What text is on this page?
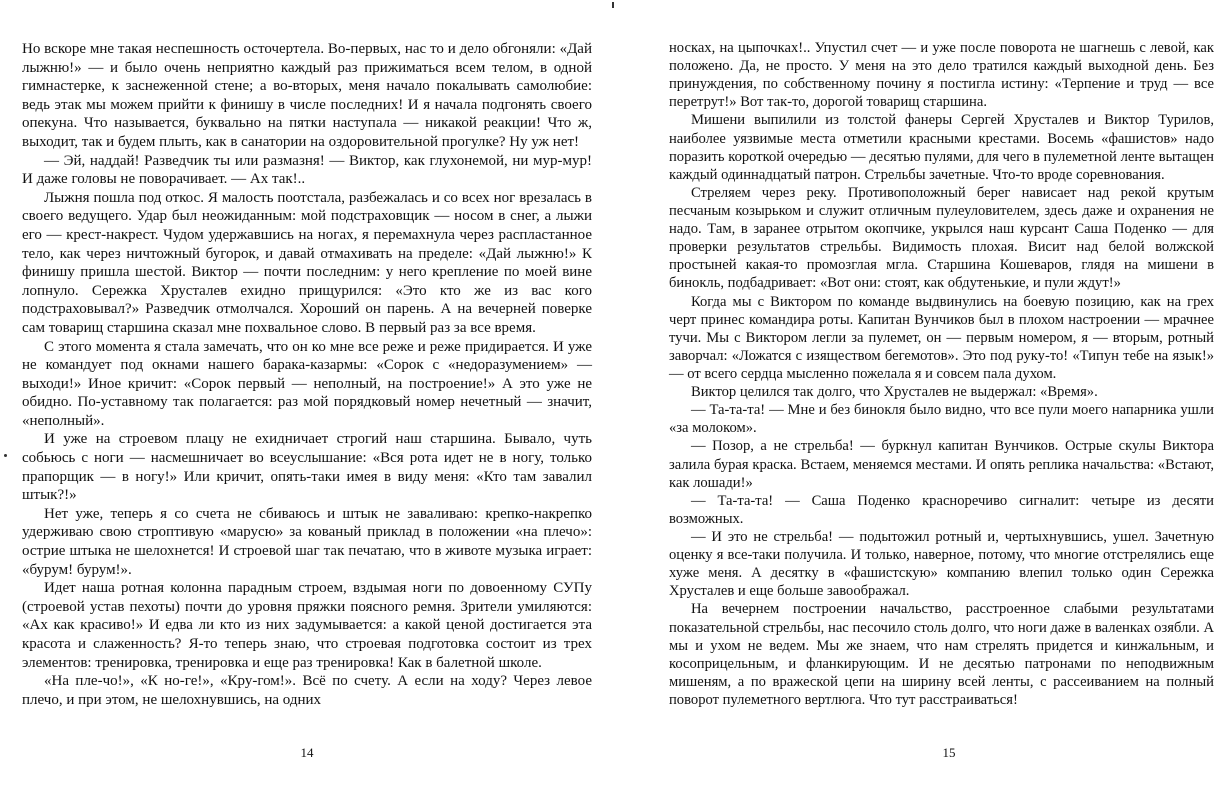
Но вскоре мне такая неспешность осточертела. Во-первых, нас то и дело обгоняли: «Дай лыжню!» — и было очень неприятно каждый раз прижиматься всем телом, в одной гимнастерке, к заснеженной стене; а во-вторых, меня начало покалывать самолюбие: ведь этак мы можем прийти к финишу в числе последних! И я начала подгонять своего опекуна. Что называется, буквально на пятки наступала — никакой реакции! Что ж, выходит, так и будем плыть, как в санатории на оздоровительной прогулке? Ну уж нет!

— Эй, наддай! Разведчик ты или размазня! — Виктор, как глухонемой, ни мур-мур! И даже головы не поворачивает. — Ах так!..

Лыжня пошла под откос. Я малость поотстала, разбежалась и со всех ног врезалась в своего ведущего. Удар был неожиданным: мой подстраховщик — носом в снег, а лыжи его — крест-накрест. Чудом удержавшись на ногах, я перемахнула через распластанное тело, как через ничтожный бугорок, и давай отмахивать на пределе: «Дай лыжню!» К финишу пришла шестой. Виктор — почти последним: у него крепление по моей вине лопнуло. Сережка Хрусталев ехидно прищурился: «Это кто же из вас кого подстраховывал?» Разведчик отмолчался. Хороший он парень. А на вечерней поверке сам товарищ старшина сказал мне похвальное слово. В первый раз за все время.

С этого момента я стала замечать, что он ко мне все реже и реже придирается. И уже не командует под окнами нашего барака-казармы: «Сорок с «недоразумением» — выходи!» Иное кричит: «Сорок первый — неполный, на построение!» А это уже не обидно. По-уставному так полагается: раз мой порядковый номер нечетный — значит, «неполный».

И уже на строевом плацу не ехидничает строгий наш старшина. Бывало, чуть собьюсь с ноги — насмешничает во всеуслышание: «Вся рота идет не в ногу, только прапорщик — в ногу!» Или кричит, опять-таки имея в виду меня: «Кто там завалил штык?!»

Нет уже, теперь я со счета не сбиваюсь и штык не заваливаю: крепко-накрепко удерживаю свою строптивую «марусю» за кованый приклад в положении «на плечо»: острие штыка не шелохнется! И строевой шаг так печатаю, что в животе музыка играет: «бурум! бурум!».

Идет наша ротная колонна парадным строем, вздымая ноги по довоенному СУПу (строевой устав пехоты) почти до уровня пряжки поясного ремня. Зрители умиляются: «Ах как красиво!» И едва ли кто из них задумывается: а какой ценой достигается эта красота и слаженность? Я-то теперь знаю, что строевая подготовка состоит из трех элементов: тренировка, тренировка и еще раз тренировка! Как в балетной школе.

«На пле-чо!», «К но-ге!», «Кру-гом!». Всё по счету. А если на ходу? Через левое плечо, и при этом, не шелохнувшись, на одних

14

носках, на цыпочках!.. Упустил счет — и уже после поворота не шагнешь с левой, как положено. Да, не просто. У меня на это дело тратился каждый выходной день. Без принуждения, по собственному почину я постигла истину: «Терпение и труд — все перетрут!» Вот так-то, дорогой товарищ старшина.

Мишени выпилили из толстой фанеры Сергей Хрусталев и Виктор Турилов, наиболее уязвимые места отметили красными крестами. Восемь «фашистов» надо поразить короткой очередью — десятью пулями, для чего в пулеметной ленте вытащен каждый одиннадцатый патрон. Стрельбы зачетные. Что-то вроде соревнования.

Стреляем через реку. Противоположный берег нависает над рекой крутым песчаным козырьком и служит отличным пулеуловителем, здесь даже и охранения не надо. Там, в заранее отрытом окопчике, укрылся наш курсант Саша Поденко — для проверки результатов стрельбы. Видимость плохая. Висит над белой волжской простыней какая-то промозглая мгла. Старшина Кошеваров, глядя на мишени в бинокль, подбадривает: «Вот они: стоят, как обдутенькие, и пули ждут!»

Когда мы с Виктором по команде выдвинулись на боевую позицию, как на грех черт принес командира роты. Капитан Вунчиков был в плохом настроении — мрачнее тучи. Мы с Виктором легли за пулемет, он — первым номером, я — вторым, ротный заворчал: «Ложатся с изяществом бегемотов». Это под руку-то! «Типун тебе на язык!» — от всего сердца мысленно пожелала я и совсем пала духом.

Виктор целился так долго, что Хрусталев не выдержал: «Время».

— Та-та-та! — Мне и без бинокля было видно, что все пули моего напарника ушли «за молоком».

— Позор, а не стрельба! — буркнул капитан Вунчиков. Острые скулы Виктора залила бурая краска. Встаем, меняемся местами. И опять реплика начальства: «Встают, как лошади!»

— Та-та-та! — Саша Поденко красноречиво сигналит: четыре из десяти возможных.

— И это не стрельба! — подытожил ротный и, чертыхнувшись, ушел. Зачетную оценку я все-таки получила. И только, наверное, потому, что многие отстрелялись еще хуже меня. А десятку в «фашистскую» компанию влепил только один Сережка Хрусталев и еще больше завоображал.

На вечернем построении начальство, расстроенное слабыми результатами показательной стрельбы, нас песочило столь долго, что ноги даже в валенках озябли. А мы и ухом не ведем. Мы же знаем, что нам стрелять придется и кинжальным, и косоприцельным, и фланкирующим. И не десятью патронами по неподвижным мишеням, а по вражеской цепи на ширину всей ленты, с рассеиванием на полный поворот пулеметного вертлюга. Что тут расстраиваться!

15
